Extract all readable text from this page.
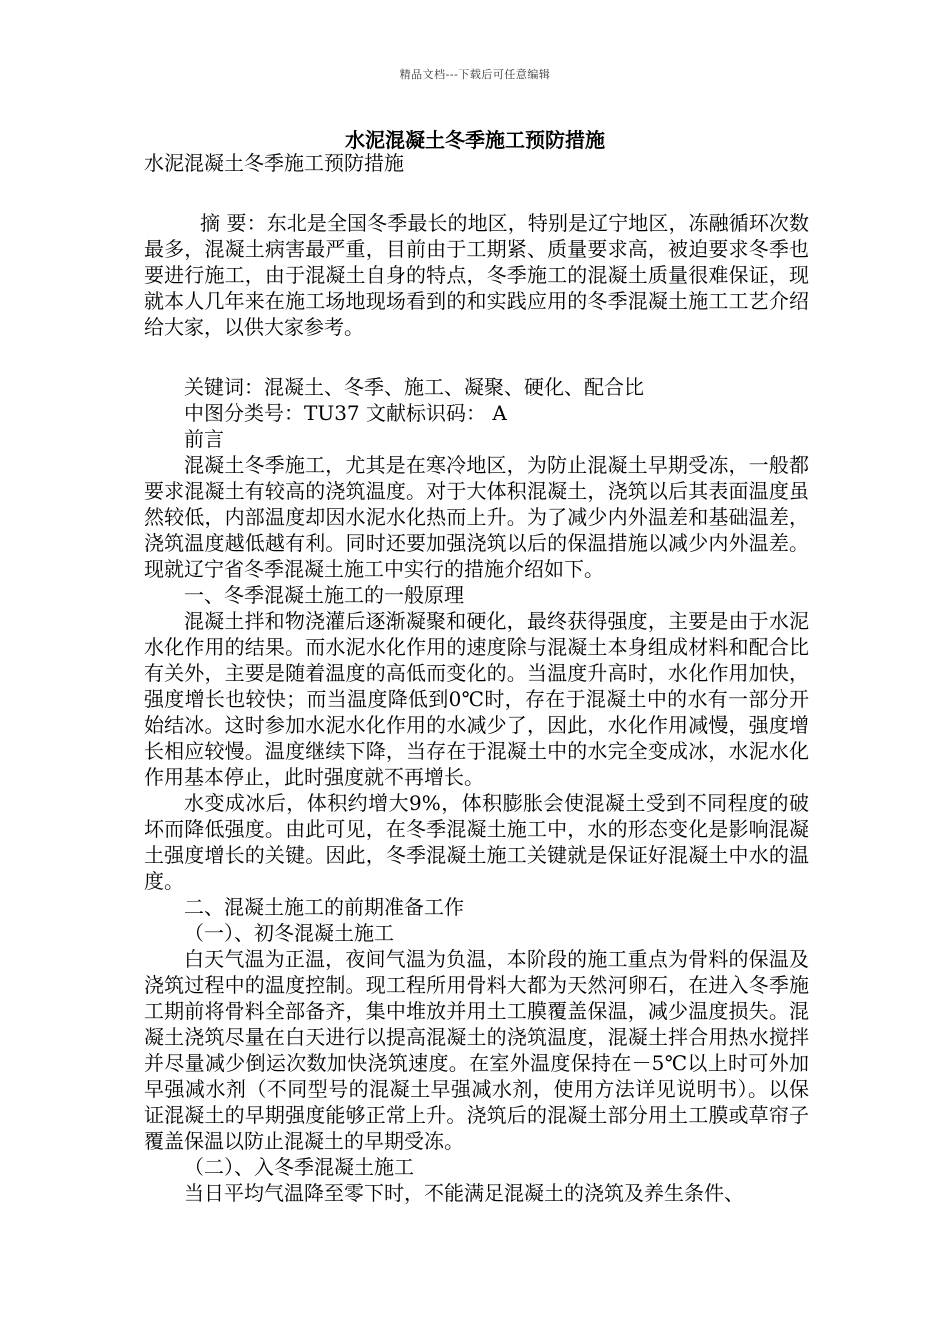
精品文档---下载后可任意编辑
水泥混凝土冬季施工预防措施

水泥混凝土冬季施工预防措施

摘 要：东北是全国冬季最长的地区，特别是辽宁地区，冻融循环次数最多，混凝土病害最严重，目前由于工期紧、质量要求高，被迫要求冬季也要进行施工，由于混凝土自身的特点，冬季施工的混凝土质量很难保证，现就本人几年来在施工场地现场看到的和实践应用的冬季混凝土施工工艺介绍给大家，以供大家参考。

关键词：混凝土、冬季、施工、凝聚、硬化、配合比

中图分类号：TU37 文献标识码： A

前言

混凝土冬季施工，尤其是在寒冷地区，为防止混凝土早期受冻，一般都要求混凝土有较高的浇筑温度。对于大体积混凝土，浇筑以后其表面温度虽然较低，内部温度却因水泥水化热而上升。为了减少内外温差和基础温差，浇筑温度越低越有利。同时还要加强浇筑以后的保温措施以减少内外温差。现就辽宁省冬季混凝土施工中实行的措施介绍如下。

一、冬季混凝土施工的一般原理

混凝土拌和物浇灌后逐渐凝聚和硬化，最终获得强度，主要是由于水泥水化作用的结果。而水泥水化作用的速度除与混凝土本身组成材料和配合比有关外，主要是随着温度的高低而变化的。当温度升高时，水化作用加快，强度增长也较快；而当温度降低到0℃时，存在于混凝土中的水有一部分开始结冰。这时参加水泥水化作用的水减少了，因此，水化作用减慢，强度增长相应较慢。温度继续下降，当存在于混凝土中的水完全变成冰，水泥水化作用基本停止，此时强度就不再增长。

水变成冰后，体积约增大9%，体积膨胀会使混凝土受到不同程度的破坏而降低强度。由此可见，在冬季混凝土施工中，水的形态变化是影响混凝土强度增长的关键。因此，冬季混凝土施工关键就是保证好混凝土中水的温度。

二、混凝土施工的前期准备工作

（一）、初冬混凝土施工

白天气温为正温，夜间气温为负温，本阶段的施工重点为骨料的保温及浇筑过程中的温度控制。现工程所用骨料大都为天然河卵石，在进入冬季施工期前将骨料全部备齐，集中堆放并用土工膜覆盖保温，减少温度损失。混凝土浇筑尽量在白天进行以提高混凝土的浇筑温度，混凝土拌合用热水搅拌并尽量减少倒运次数加快浇筑速度。在室外温度保持在－5℃以上时可外加早强减水剂（不同型号的混凝土早强减水剂，使用方法详见说明书）。以保证混凝土的早期强度能够正常上升。浇筑后的混凝土部分用土工膜或草帘子覆盖保温以防止混凝土的早期受冻。

（二）、入冬季混凝土施工

当日平均气温降至零下时，不能满足混凝土的浇筑及养生条件、
